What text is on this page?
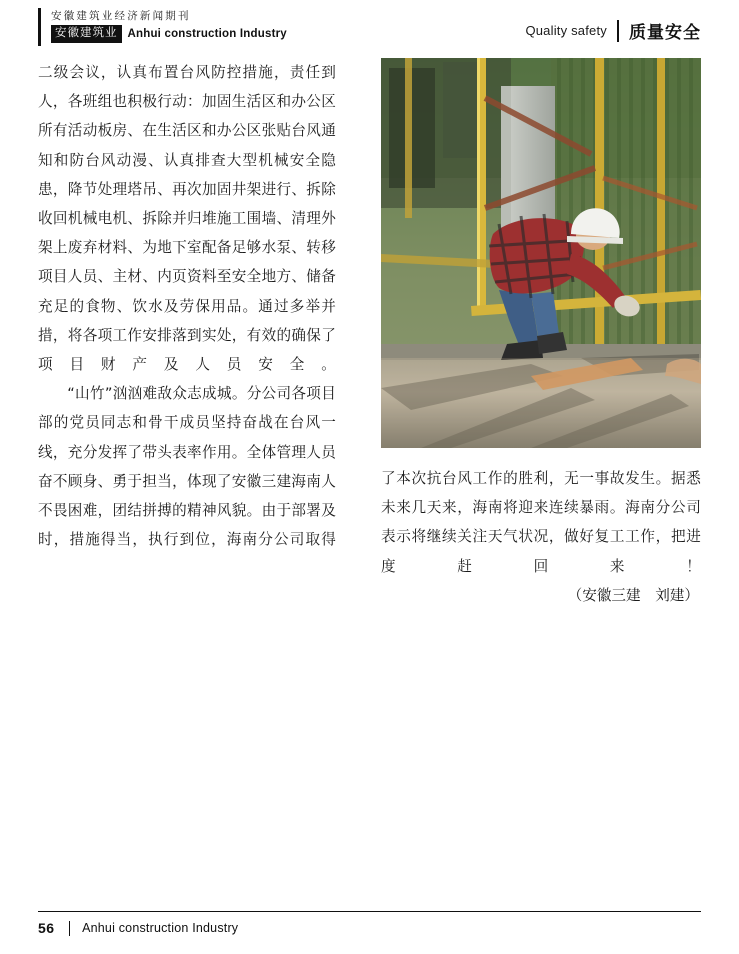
安徽建筑业经济新闻期刊
安徽建筑业 Anhui construction Industry	Quality safety	质量安全

二级会议，认真布置台风防控措施，责任到人，各班组也积极行动：加固生活区和办公区所有活动板房、在生活区和办公区张贴台风通知和防台风动漫、认真排查大型机械安全隐患，降节处理塔吊、再次加固井架进行、拆除收回机械电机、拆除并归堆施工围墙、清理外架上废弃材料、为地下室配备足够水泵、转移项目人员、主材、内页资料至安全地方、储备充足的食物、饮水及劳保用品。通过多举并措，将各项工作安排落到实处，有效的确保了项目财产及人员安全。

“山竹”汹汹难敌众志成城。分公司各项目部的党员同志和骨干成员坚持奋战在台风一线，充分发挥了带头表率作用。全体管理人员奋不顾身、勇于担当，体现了安徽三建海南人不畏困难，团结拼搏的精神风貌。由于部署及时，措施得当，执行到位，海南分公司取得

了本次抗台风工作的胜利，无一事故发生。据悉未来几天来，海南将迎来连续暴雨。海南分公司表示将继续关注天气状况，做好复工工作，把进度赶回来！

（安徽三建　刘建）

56 Anhui construction Industry
